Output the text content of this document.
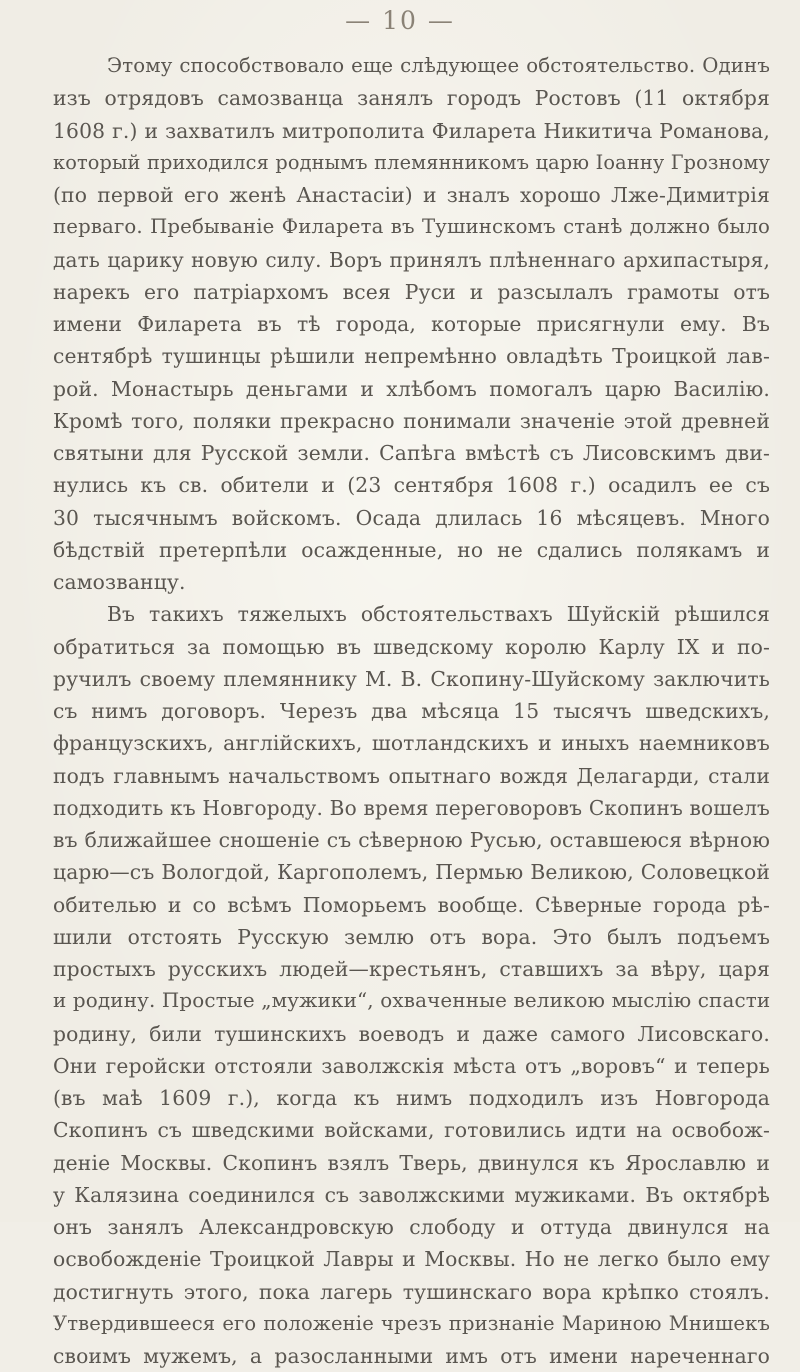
— 10 —
Этому способствовало еще слѣдующее обстоятельство. Одинъ
изъ отрядовъ самозванца занялъ городъ Ростовъ (11 октября
1608 г.) и захватилъ митрополита Филарета Никитича Романова,
который приходился роднымъ племянникомъ царю Іоанну Грозному
(по первой его женѣ Анастасіи) и зналъ хорошо Лже-Димитрія
перваго. Пребываніе Филарета въ Тушинскомъ станѣ должно было
дать царику новую силу. Воръ принялъ плѣненнаго архипастыря,
нарекъ его патріархомъ всея Руси и разсылалъ грамоты отъ
имени Филарета въ тѣ города, которые присягнули ему. Въ
сентябрѣ тушинцы рѣшили непремѣнно овладѣть Троицкой лав-
рой. Монастырь деньгами и хлѣбомъ помогалъ царю Василію.
Кромѣ того, поляки прекрасно понимали значеніе этой древней
святыни для Русской земли. Сапѣга вмѣстѣ съ Лисовскимъ дви-
нулись къ св. обители и (23 сентября 1608 г.) осадилъ ее съ
30 тысячнымъ войскомъ. Осада длилась 16 мѣсяцевъ. Много
бѣдствій претерпѣли осажденные, но не сдались полякамъ и
самозванцу.
Въ такихъ тяжелыхъ обстоятельствахъ Шуйскій рѣшился
обратиться за помощью въ шведскому королю Карлу IX и по-
ручилъ своему племяннику М. В. Скопину-Шуйскому заключить
съ нимъ договоръ. Черезъ два мѣсяца 15 тысячъ шведскихъ,
французскихъ, англійскихъ, шотландскихъ и иныхъ наемниковъ
подъ главнымъ начальствомъ опытнаго вождя Делагарди, стали
подходить къ Новгороду. Во время переговоровъ Скопинъ вошелъ
въ ближайшее сношеніе съ сѣверною Русью, оставшеюся вѣрною
царю—съ Вологдой, Каргополемъ, Пермью Великою, Соловецкой
обителью и со всѣмъ Поморьемъ вообще. Сѣверные города рѣ-
шили отстоять Русскую землю отъ вора. Это былъ подъемъ
простыхъ русскихъ людей—крестьянъ, ставшихъ за вѣру, царя
и родину. Простые „мужики“, охваченные великою мыслію спасти
родину, били тушинскихъ воеводъ и даже самого Лисовскаго.
Они геройски отстояли заволжскія мѣста отъ „воровъ“ и теперь
(въ маѣ 1609 г.), когда къ нимъ подходилъ изъ Новгорода
Скопинъ съ шведскими войсками, готовились идти на освобож-
деніе Москвы. Скопинъ взялъ Тверь, двинулся къ Ярославлю и
у Калязина соединился съ заволжскими мужиками. Въ октябрѣ
онъ занялъ Александровскую слободу и оттуда двинулся на
освобожденіе Троицкой Лавры и Москвы. Но не легко было ему
достигнуть этого, пока лагерь тушинскаго вора крѣпко стоялъ.
Утвердившееся его положеніе чрезъ признаніе Мариною Мнишекъ
своимъ мужемъ, а разосланными имъ отъ имени нареченнаго
